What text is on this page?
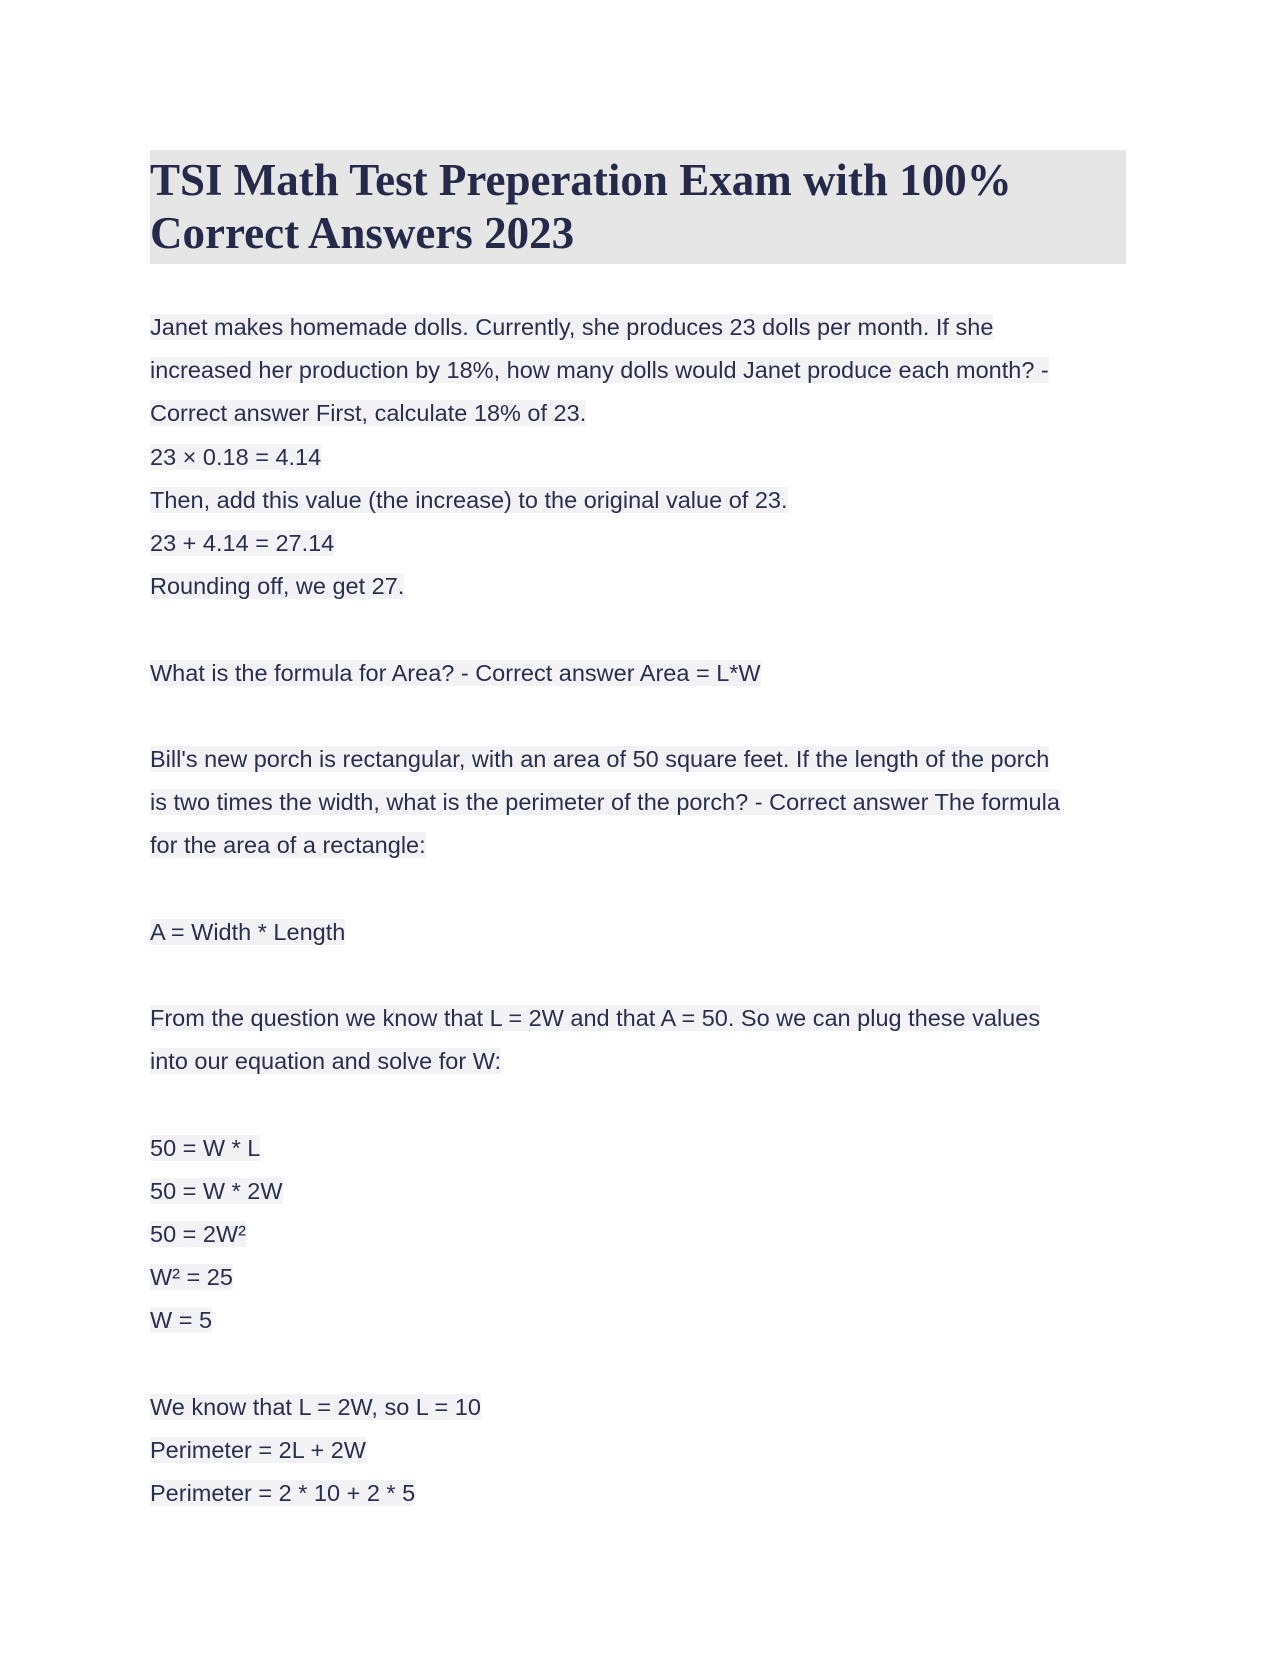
TSI Math Test Preperation Exam with 100%
Correct Answers 2023
Janet makes homemade dolls. Currently, she produces 23 dolls per month. If she
increased her production by 18%, how many dolls would Janet produce each month? -
Correct answer First, calculate 18% of 23.
23 × 0.18 = 4.14
Then, add this value (the increase) to the original value of 23.
23 + 4.14 = 27.14
Rounding off, we get 27.
What is the formula for Area? - Correct answer Area = L*W
Bill's new porch is rectangular, with an area of 50 square feet. If the length of the porch
is two times the width, what is the perimeter of the porch? - Correct answer The formula
for the area of a rectangle:
A = Width * Length
From the question we know that L = 2W and that A = 50. So we can plug these values
into our equation and solve for W:
50 = W * L
50 = W * 2W
50 = 2W²
W² = 25
W = 5
We know that L = 2W, so L = 10
Perimeter = 2L + 2W
Perimeter = 2 * 10 + 2 * 5
